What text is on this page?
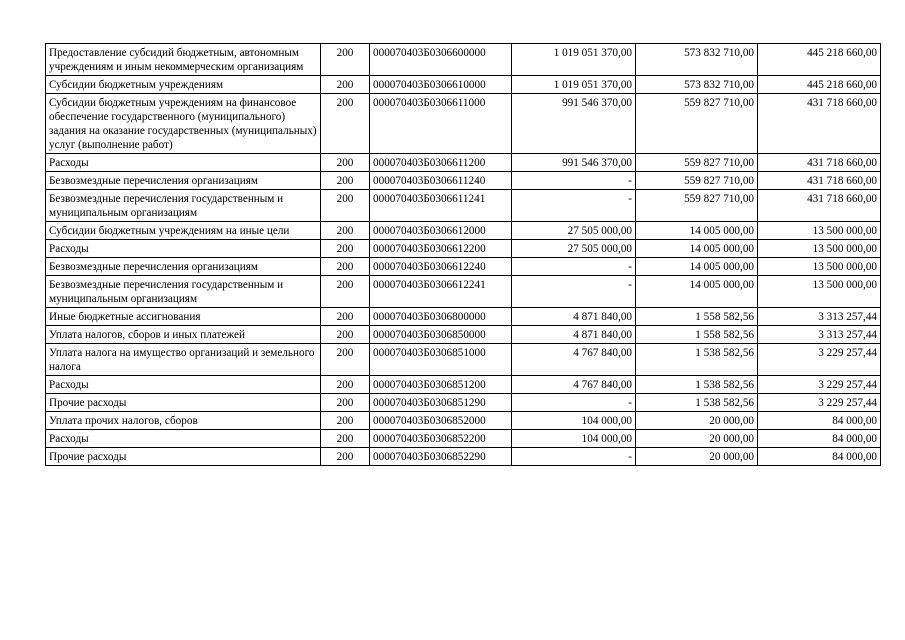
Предоставление субсидий бюджетным, автономным учреждениям и иным некоммерческим организациям	200	000070403Б0306600000	1 019 051 370,00	573 832 710,00	445 218 660,00
Субсидии бюджетным учреждениям	200	000070403Б0306610000	1 019 051 370,00	573 832 710,00	445 218 660,00
Субсидии бюджетным учреждениям на финансовое обеспечение государственного (муниципального) задания на оказание государственных (муниципальных) услуг (выполнение работ)	200	000070403Б0306611000	991 546 370,00	559 827 710,00	431 718 660,00
Расходы	200	000070403Б0306611200	991 546 370,00	559 827 710,00	431 718 660,00
Безвозмездные перечисления организациям	200	000070403Б0306611240	-	559 827 710,00	431 718 660,00
Безвозмездные перечисления государственным и муниципальным организациям	200	000070403Б0306611241	-	559 827 710,00	431 718 660,00
Субсидии бюджетным учреждениям на иные цели	200	000070403Б0306612000	27 505 000,00	14 005 000,00	13 500 000,00
Расходы	200	000070403Б0306612200	27 505 000,00	14 005 000,00	13 500 000,00
Безвозмездные перечисления организациям	200	000070403Б0306612240	-	14 005 000,00	13 500 000,00
Безвозмездные перечисления государственным и муниципальным организациям	200	000070403Б0306612241	-	14 005 000,00	13 500 000,00
Иные бюджетные ассигнования	200	000070403Б0306800000	4 871 840,00	1 558 582,56	3 313 257,44
Уплата налогов, сборов и иных платежей	200	000070403Б0306850000	4 871 840,00	1 558 582,56	3 313 257,44
Уплата налога на имущество организаций и земельного налога	200	000070403Б0306851000	4 767 840,00	1 538 582,56	3 229 257,44
Расходы	200	000070403Б0306851200	4 767 840,00	1 538 582,56	3 229 257,44
Прочие расходы	200	000070403Б0306851290	-	1 538 582,56	3 229 257,44
Уплата прочих налогов, сборов	200	000070403Б0306852000	104 000,00	20 000,00	84 000,00
Расходы	200	000070403Б0306852200	104 000,00	20 000,00	84 000,00
Прочие расходы	200	000070403Б0306852290	-	20 000,00	84 000,00
